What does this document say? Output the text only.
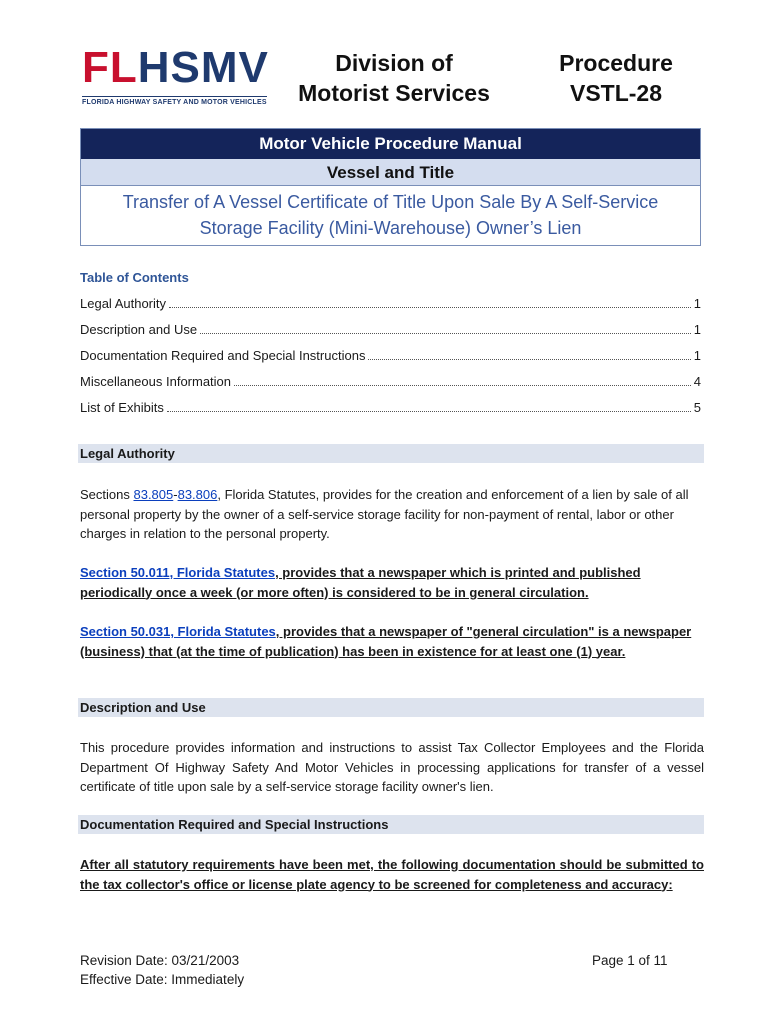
FLHSMV
FLORIDA HIGHWAY SAFETY AND MOTOR VEHICLES
Division of
Motorist Services
Procedure
VSTL-28
Motor Vehicle Procedure Manual
Vessel and Title
Transfer of A Vessel Certificate of Title Upon Sale By A Self-Service Storage Facility (Mini-Warehouse) Owner’s Lien
Table of Contents
Legal Authority	1
Description and Use	1
Documentation Required and Special Instructions	1
Miscellaneous Information	4
List of Exhibits	5
Legal Authority
Sections 83.805-83.806, Florida Statutes, provides for the creation and enforcement of a lien by sale of all personal property by the owner of a self-service storage facility for non-payment of rental, labor or other charges in relation to the personal property.
Section 50.011, Florida Statutes, provides that a newspaper which is printed and published periodically once a week (or more often) is considered to be in general circulation.
Section 50.031, Florida Statutes, provides that a newspaper of "general circulation" is a newspaper (business) that (at the time of publication) has been in existence for at least one (1) year.
Description and Use
This procedure provides information and instructions to assist Tax Collector Employees and the Florida Department Of Highway Safety And Motor Vehicles in processing applications for transfer of a vessel certificate of title upon sale by a self-service storage facility owner's lien.
Documentation Required and Special Instructions
After all statutory requirements have been met, the following documentation should be submitted to the tax collector's office or license plate agency to be screened for completeness and accuracy:
Revision Date: 03/21/2003
Effective Date: Immediately
Page 1 of 11
